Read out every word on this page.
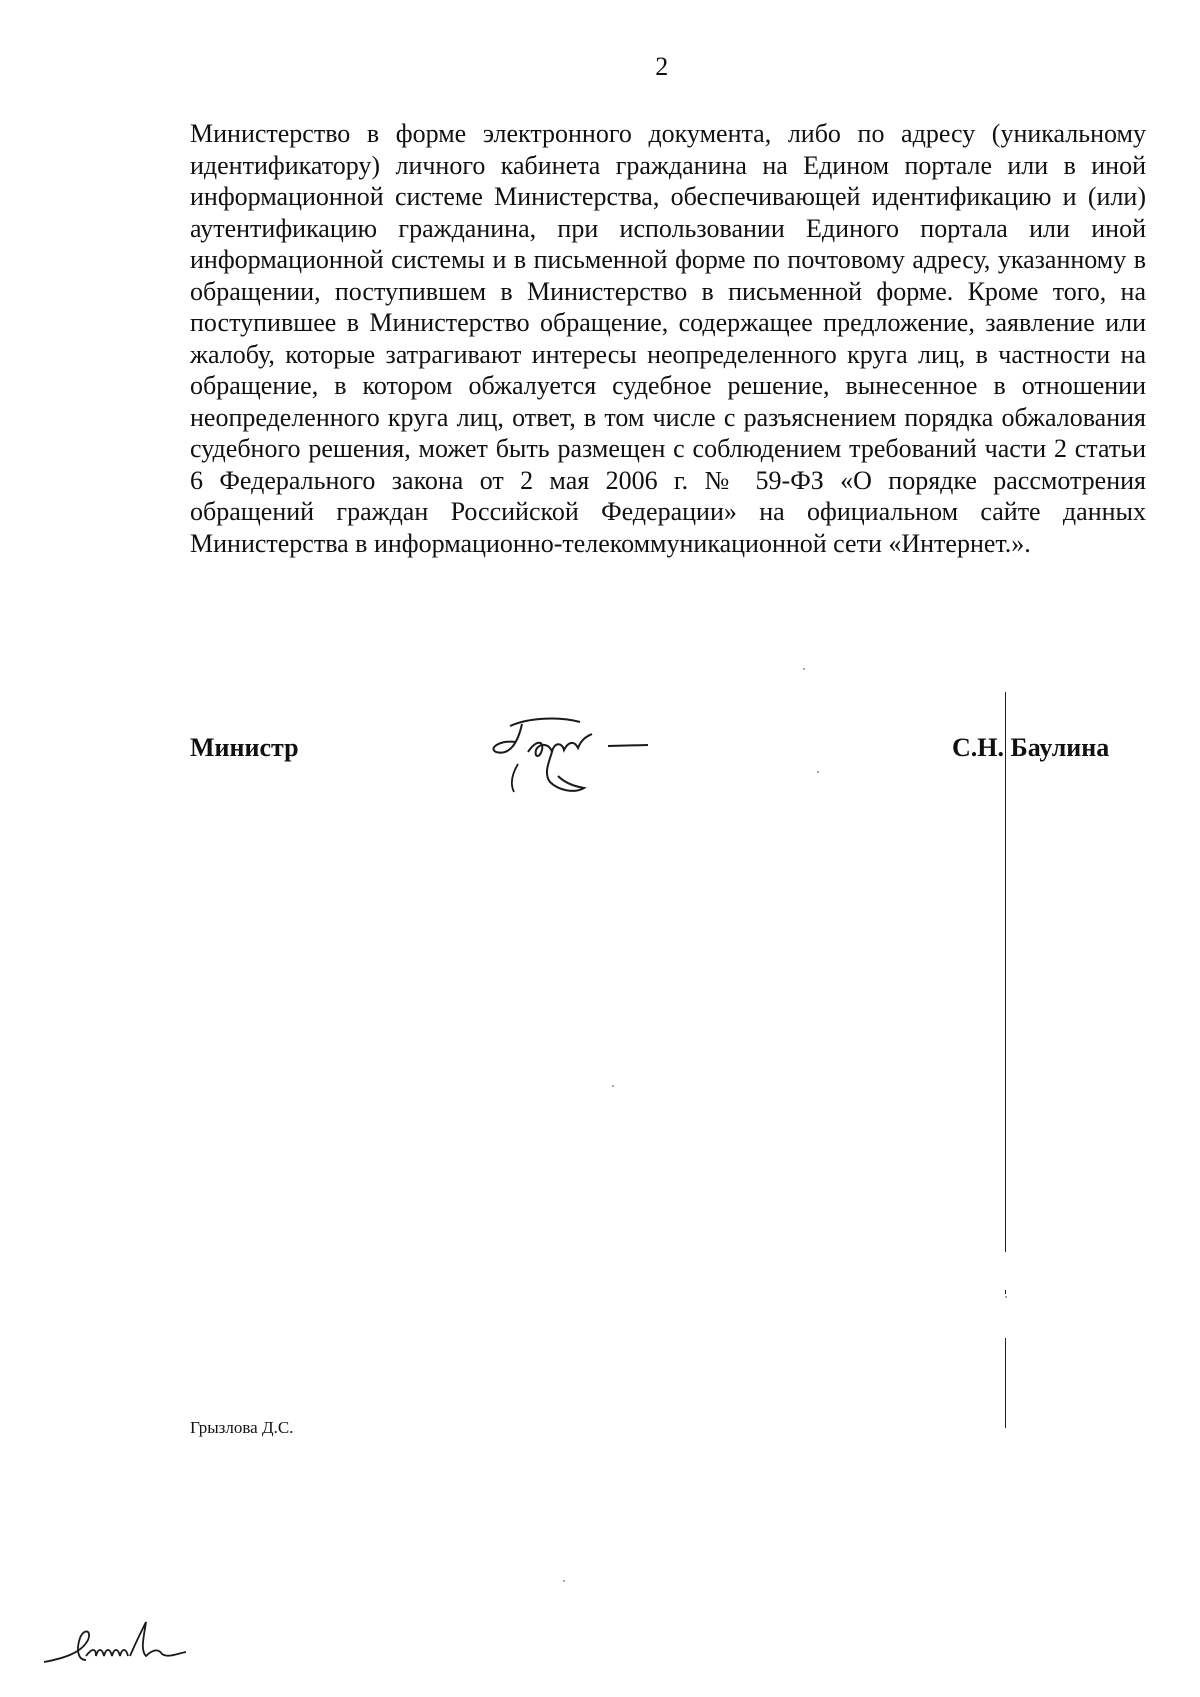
2

Министерство в форме электронного документа, либо по адресу (уникальному идентификатору) личного кабинета гражданина на Едином портале или в иной информационной системе Министерства, обеспечивающей идентификацию и (или) аутентификацию гражданина, при использовании Единого портала или иной информационной системы и в письменной форме по почтовому адресу, указанному в обращении, поступившем в Министерство в письменной форме. Кроме того, на поступившее в Министерство обращение, содержащее предложение, заявление или жалобу, которые затрагивают интересы неопределенного круга лиц, в частности на обращение, в котором обжалуется судебное решение, вынесенное в отношении неопределенного круга лиц, ответ, в том числе с разъяснением порядка обжалования судебного решения, может быть размещен с соблюдением требований части 2 статьи 6 Федерального закона от 2 мая 2006 г. № 59-ФЗ «О порядке рассмотрения обращений граждан Российской Федерации» на официальном сайте данных Министерства в информационно-телекоммуникационной сети «Интернет.».

Министр	С.Н. Баулина
Грызлова Д.С.
